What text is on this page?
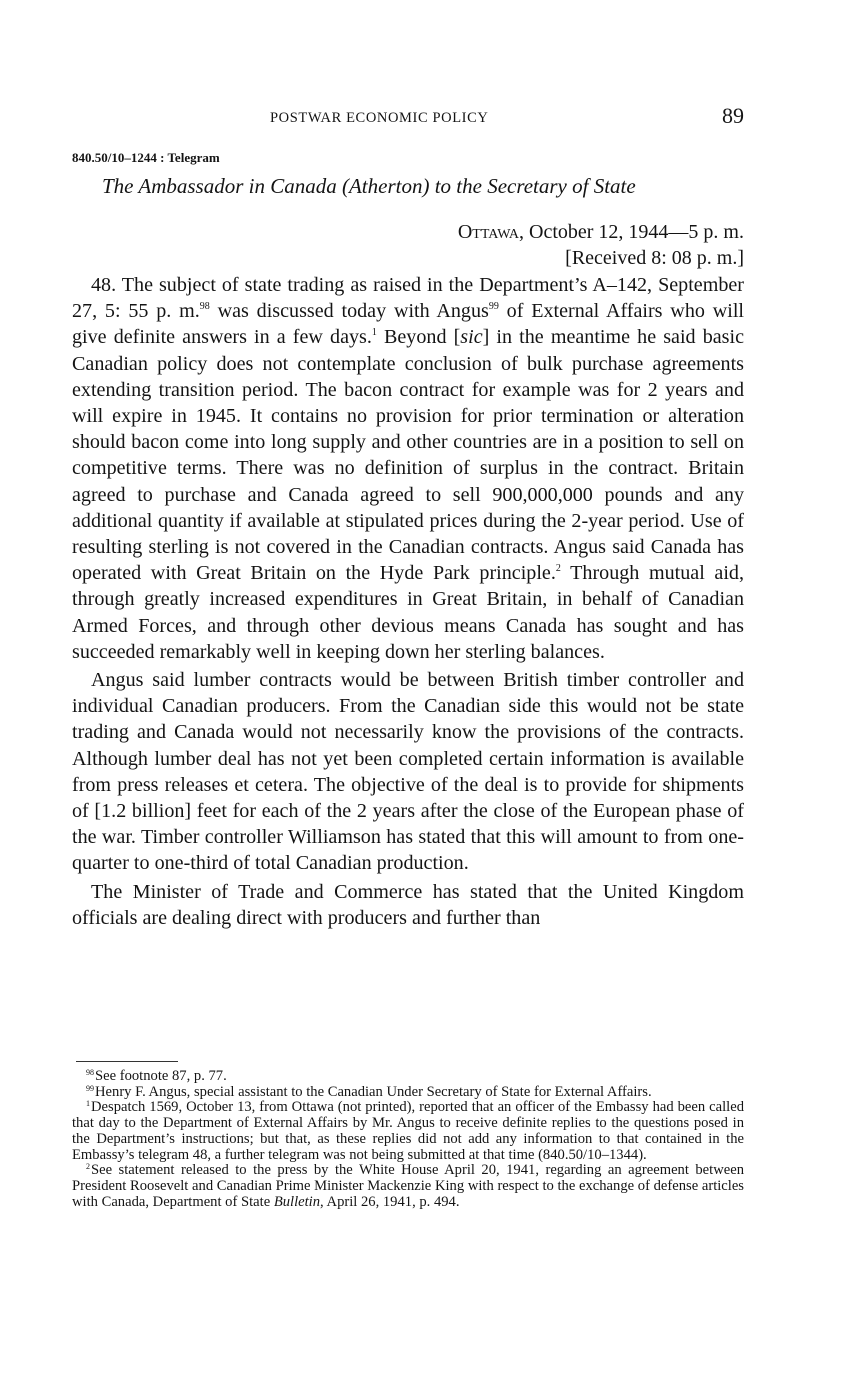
POSTWAR ECONOMIC POLICY	89
840.50/10–1244 : Telegram
The Ambassador in Canada (Atherton) to the Secretary of State
Ottawa, October 12, 1944—5 p. m.
[Received 8: 08 p. m.]

48. The subject of state trading as raised in the Department’s A–142, September 27, 5: 55 p. m.$^{98}$ was discussed today with Angus$^{99}$ of External Affairs who will give definite answers in a few days.$^1$ Beyond [sic] in the meantime he said basic Canadian policy does not contemplate conclusion of bulk purchase agreements extending transition period. The bacon contract for example was for 2 years and will expire in 1945. It contains no provision for prior termination or alteration should bacon come into long supply and other countries are in a position to sell on competitive terms. There was no definition of surplus in the contract. Britain agreed to purchase and Canada agreed to sell 900,000,000 pounds and any additional quantity if available at stipulated prices during the 2-year period. Use of resulting sterling is not covered in the Canadian contracts. Angus said Canada has operated with Great Britain on the Hyde Park principle.$^2$ Through mutual aid, through greatly increased expenditures in Great Britain, in behalf of Canadian Armed Forces, and through other devious means Canada has sought and has succeeded remarkably well in keeping down her sterling balances.

Angus said lumber contracts would be between British timber controller and individual Canadian producers. From the Canadian side this would not be state trading and Canada would not necessarily know the provisions of the contracts. Although lumber deal has not yet been completed certain information is available from press releases et cetera. The objective of the deal is to provide for shipments of [1.2 billion] feet for each of the 2 years after the close of the European phase of the war. Timber controller Williamson has stated that this will amount to from one-quarter to one-third of total Canadian production.

The Minister of Trade and Commerce has stated that the United Kingdom officials are dealing direct with producers and further than

$^{98}$See footnote 87, p. 77.

$^{99}$Henry F. Angus, special assistant to the Canadian Under Secretary of State for External Affairs.

$^1$Despatch 1569, October 13, from Ottawa (not printed), reported that an officer of the Embassy had been called that day to the Department of External Affairs by Mr. Angus to receive definite replies to the questions posed in the Department’s instructions; but that, as these replies did not add any information to that contained in the Embassy’s telegram 48, a further telegram was not being submitted at that time (840.50/10–1344).

$^2$See statement released to the press by the White House April 20, 1941, regarding an agreement between President Roosevelt and Canadian Prime Minister Mackenzie King with respect to the exchange of defense articles with Canada, Department of State Bulletin, April 26, 1941, p. 494.
